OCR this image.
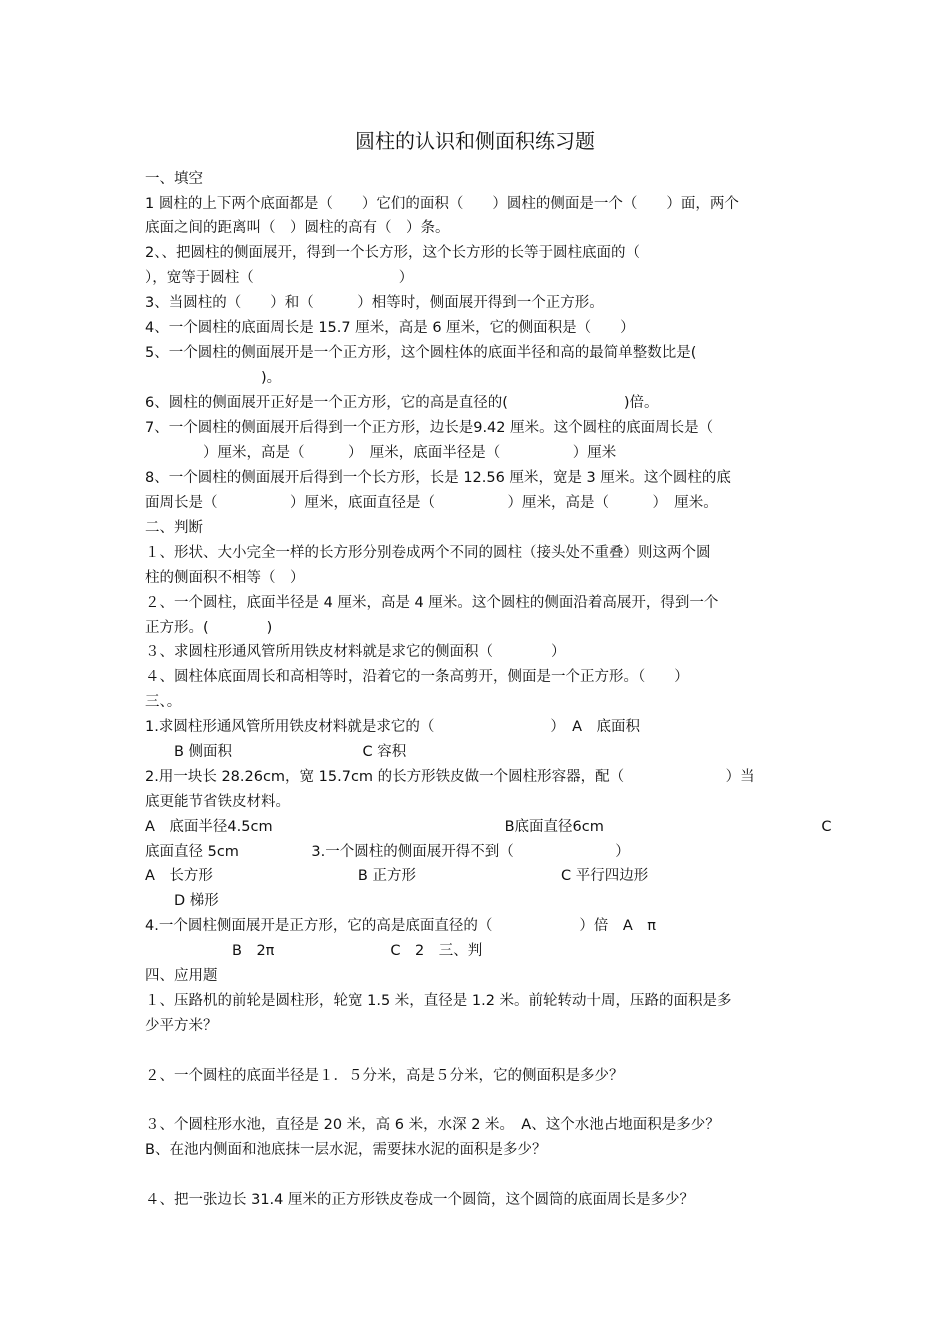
圆柱的认识和侧面积练习题
一、填空
1 圆柱的上下两个底面都是（　　）它们的面积（　　）圆柱的侧面是一个（　　）面，两个
底面之间的距离叫（　）圆柱的高有（　）条。
2、、把圆柱的侧面展开，得到一个长方形，这个长方形的长等于圆柱底面的（
），宽等于圆柱（　　　　　　　　　　）
3、当圆柱的（　　）和（　　　）相等时，侧面展开得到一个正方形。
4、一个圆柱的底面周长是 15.7 厘米，高是 6 厘米，它的侧面积是（　　）
5、一个圆柱的侧面展开是一个正方形，这个圆柱体的底面半径和高的最简单整数比是(
　　　　　　　　)。
6、圆柱的侧面展开正好是一个正方形，它的高是直径的(　　　　　　　　)倍。
7、一个圆柱的侧面展开后得到一个正方形，边长是9.42 厘米。这个圆柱的底面周长是（
　　　　）厘米，高是（　　　）　厘米，底面半径是（　　　　　）厘米
8、一个圆柱的侧面展开后得到一个长方形，长是 12.56 厘米，宽是 3 厘米。这个圆柱的底
面周长是（　　　　　）厘米，底面直径是（　　　　　）厘米，高是（　　　）　厘米。
二、判断
１、形状、大小完全一样的长方形分别卷成两个不同的圆柱（接头处不重叠）则这两个圆
柱的侧面积不相等（　）
２、一个圆柱，底面半径是 4 厘米，高是 4 厘米。这个圆柱的侧面沿着高展开，得到一个
正方形。(　　　　)
３、求圆柱形通风管所用铁皮材料就是求它的侧面积（　　　　）
４、圆柱体底面周长和高相等时，沿着它的一条高剪开，侧面是一个正方形。（　　）
三、。
1.求圆柱形通风管所用铁皮材料就是求它的（　　　　　　　　）　A　底面积
　　B 侧面积　　　　　　　　　C 容积
2.用一块长 28.26cm，宽 15.7cm 的长方形铁皮做一个圆柱形容器，配（　　　　　　　）当
底更能节省铁皮材料。
A　底面半径4.5cm　　　　　　　　　　　　　　　　B底面直径6cm　　　　　　　　　　　　　　　C
底面直径 5cm　　　　　3.一个圆柱的侧面展开得不到（　　　　　　　）
A　长方形　　　　　　　　　　B 正方形　　　　　　　　　　C 平行四边形
　　D 梯形
4.一个圆柱侧面展开是正方形，它的高是底面直径的（　　　　　　）倍　A　π
　　　　　　B　2π　　　　　　　　C　2　三、判
四、应用题
１、压路机的前轮是圆柱形，轮宽 1.5 米，直径是 1.2 米。前轮转动十周，压路的面积是多
少平方米？
２、一个圆柱的底面半径是１．５分米，高是５分米，它的侧面积是多少？
３、个圆柱形水池，直径是 20 米，高 6 米，水深 2 米。　A、这个水池占地面积是多少？
B、在池内侧面和池底抹一层水泥，需要抹水泥的面积是多少？
４、把一张边长 31.4 厘米的正方形铁皮卷成一个圆筒，这个圆筒的底面周长是多少？
